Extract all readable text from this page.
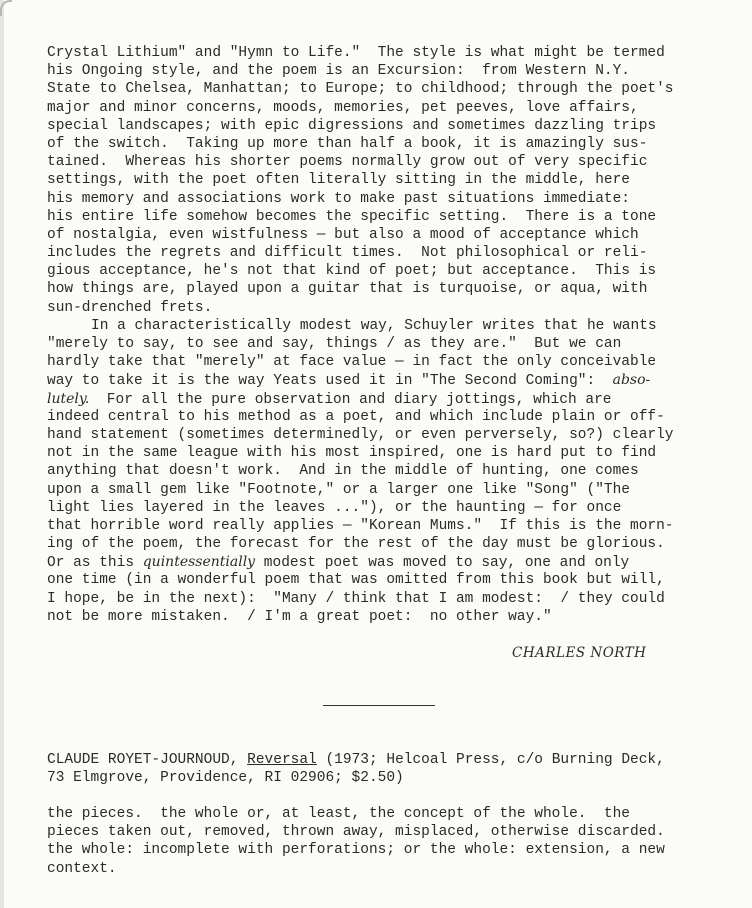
Crystal Lithium" and "Hymn to Life."  The style is what might be termed
his Ongoing style, and the poem is an Excursion:  from Western N.Y.
State to Chelsea, Manhattan; to Europe; to childhood; through the poet's
major and minor concerns, moods, memories, pet peeves, love affairs,
special landscapes; with epic digressions and sometimes dazzling trips
of the switch.  Taking up more than half a book, it is amazingly sus-
tained.  Whereas his shorter poems normally grow out of very specific
settings, with the poet often literally sitting in the middle, here
his memory and associations work to make past situations immediate:
his entire life somehow becomes the specific setting.  There is a tone
of nostalgia, even wistfulness — but also a mood of acceptance which
includes the regrets and difficult times.  Not philosophical or reli-
gious acceptance, he's not that kind of poet; but acceptance.  This is
how things are, played upon a guitar that is turquoise, or aqua, with
sun-drenched frets.
In a characteristically modest way, Schuyler writes that he wants
"merely to say, to see and say, things / as they are."  But we can
hardly take that "merely" at face value — in fact the only conceivable
way to take it is the way Yeats used it in "The Second Coming":  abso-
lutely.  For all the pure observation and diary jottings, which are
indeed central to his method as a poet, and which include plain or off-
hand statement (sometimes determinedly, or even perversely, so?) clearly
not in the same league with his most inspired, one is hard put to find
anything that doesn't work.  And in the middle of hunting, one comes
upon a small gem like "Footnote," or a larger one like "Song" ("The
light lies layered in the leaves ..."), or the haunting — for once
that horrible word really applies — "Korean Mums."  If this is the morn-
ing of the poem, the forecast for the rest of the day must be glorious.
Or as this quintessentially modest poet was moved to say, one and only
one time (in a wonderful poem that was omitted from this book but will,
I hope, be in the next):  "Many / think that I am modest:  / they could
not be more mistaken.  / I'm a great poet:  no other way."
CHARLES NORTH
CLAUDE ROYET-JOURNOUD, Reversal (1973; Helcoal Press, c/o Burning Deck,
73 Elmgrove, Providence, RI 02906; $2.50)
the pieces.  the whole or, at least, the concept of the whole.  the
pieces taken out, removed, thrown away, misplaced, otherwise discarded.
the whole: incomplete with perforations; or the whole: extension, a new
context.
